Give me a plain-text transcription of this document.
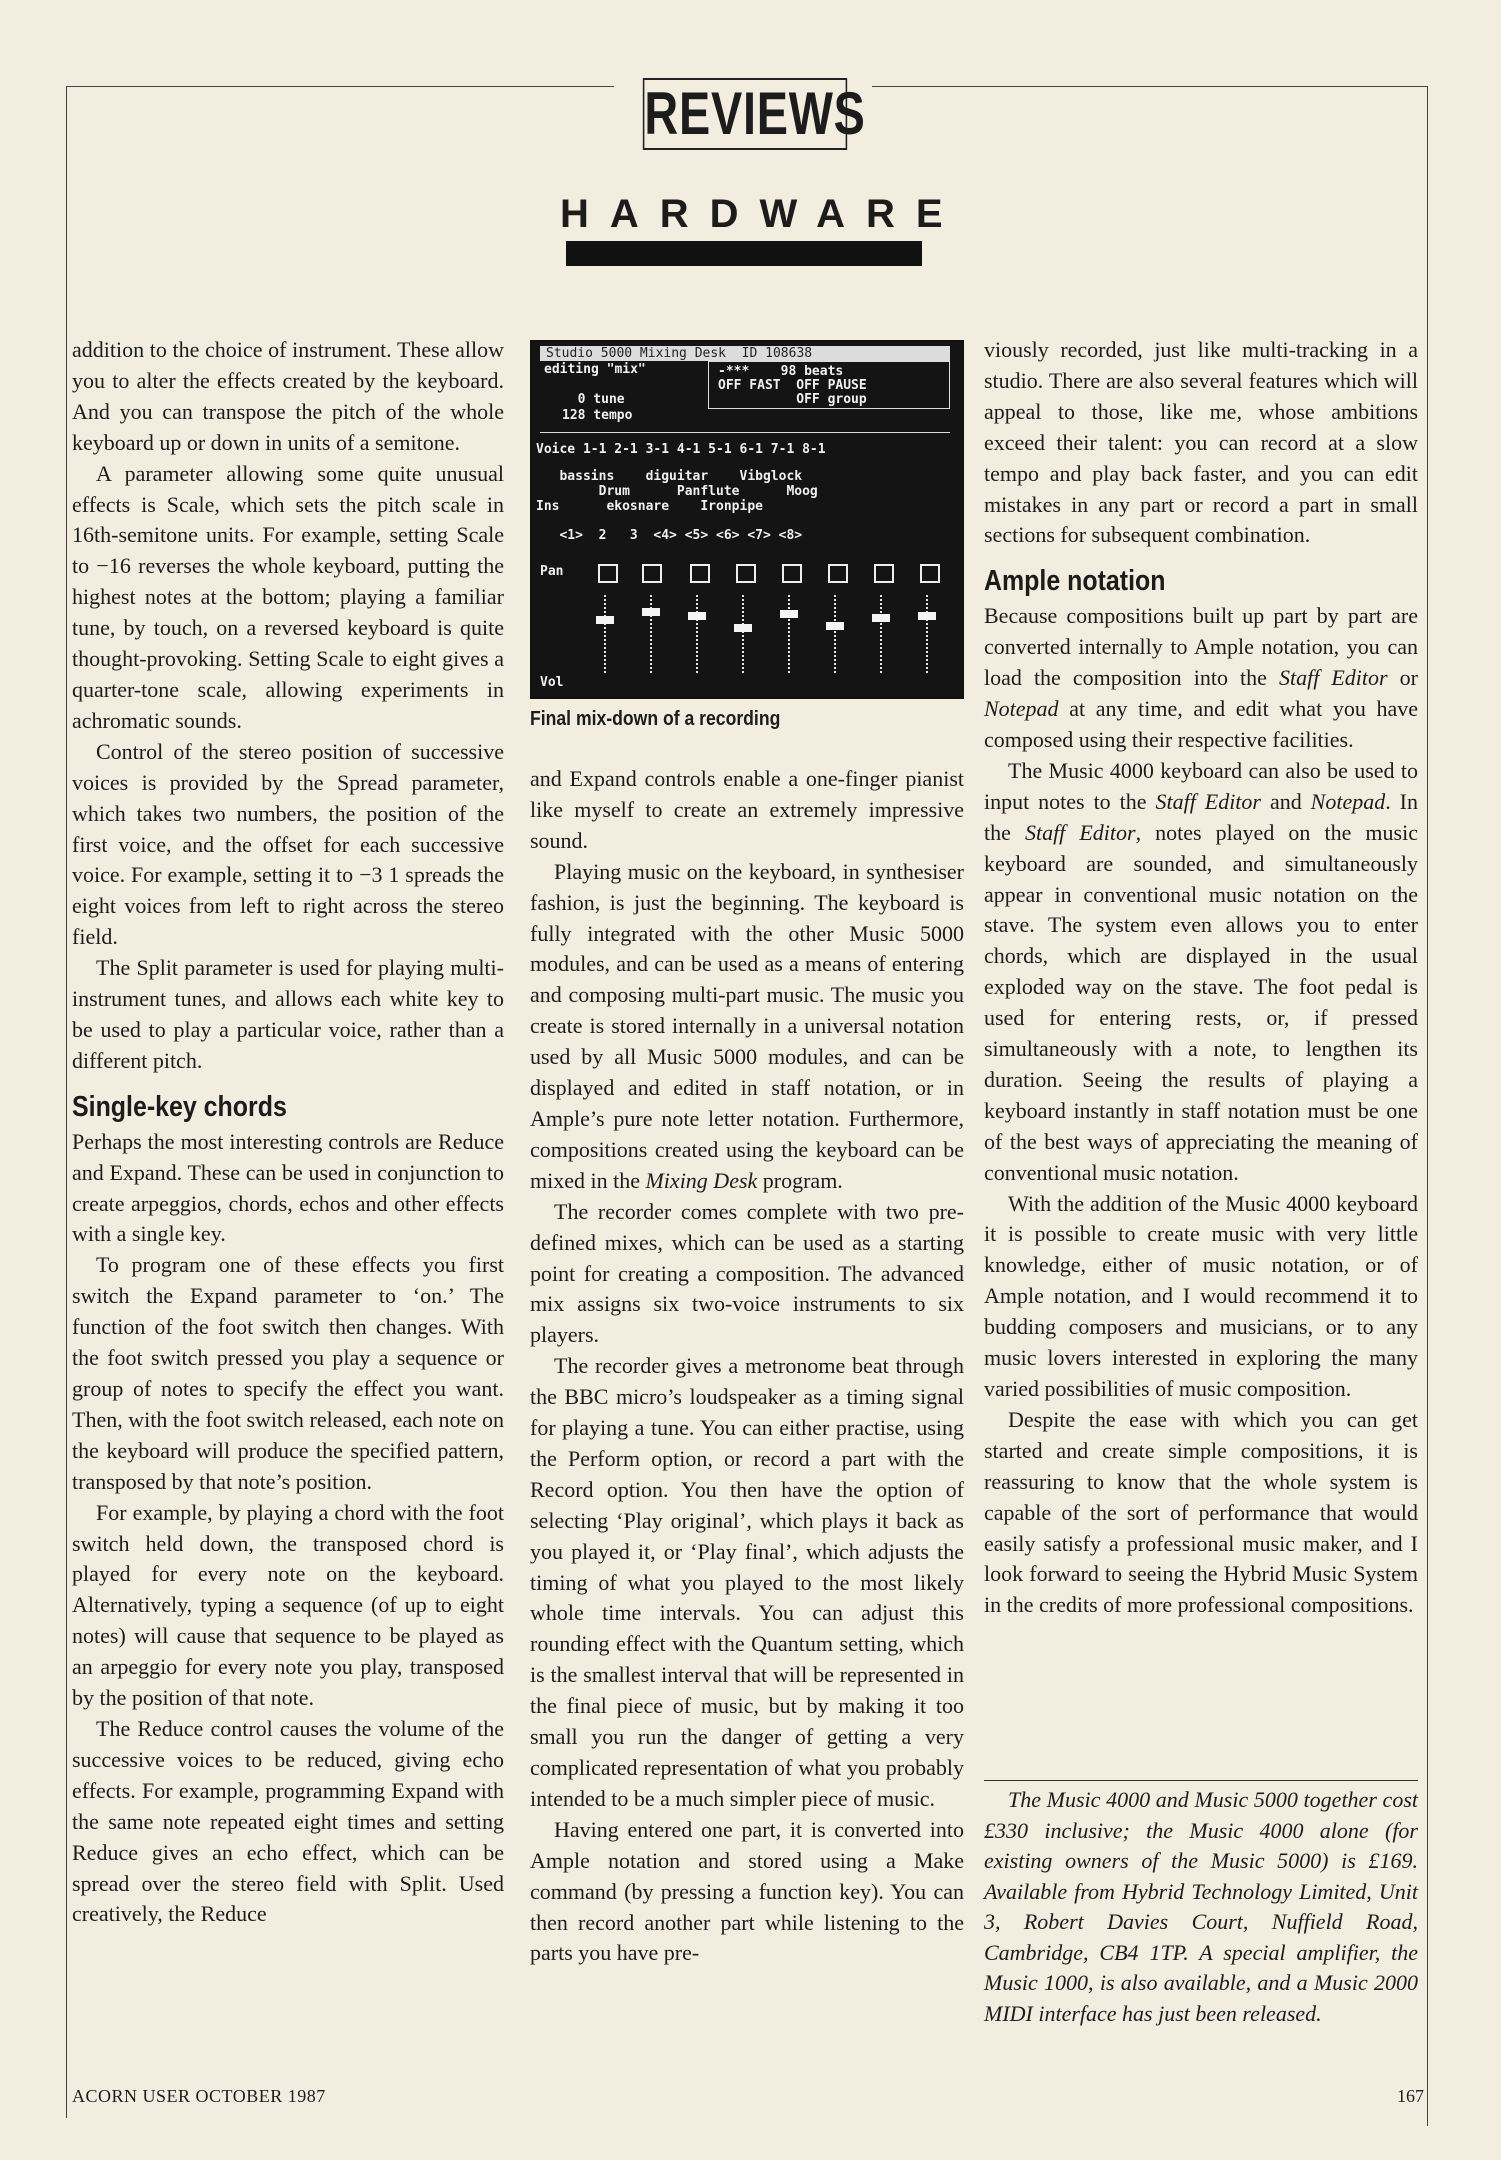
REVIEWS
HARDWARE

addition to the choice of instrument. These allow you to alter the effects created by the keyboard. And you can transpose the pitch of the whole keyboard up or down in units of a semitone.

A parameter allowing some quite unusual effects is Scale, which sets the pitch scale in 16th-semitone units. For example, setting Scale to −16 reverses the whole keyboard, putting the highest notes at the bottom; playing a familiar tune, by touch, on a reversed keyboard is quite thought-provoking. Setting Scale to eight gives a quarter-tone scale, allowing experiments in achromatic sounds.

Control of the stereo position of successive voices is provided by the Spread parameter, which takes two numbers, the position of the first voice, and the offset for each successive voice. For example, setting it to −3 1 spreads the eight voices from left to right across the stereo field.

The Split parameter is used for playing multi-instrument tunes, and allows each white key to be used to play a particular voice, rather than a different pitch.

Single-key chords

Perhaps the most interesting controls are Reduce and Expand. These can be used in conjunction to create arpeggios, chords, echos and other effects with a single key.

To program one of these effects you first switch the Expand parameter to ‘on.’ The function of the foot switch then changes. With the foot switch pressed you play a sequence or group of notes to specify the effect you want. Then, with the foot switch released, each note on the keyboard will produce the specified pattern, transposed by that note’s position.

For example, by playing a chord with the foot switch held down, the transposed chord is played for every note on the keyboard. Alternatively, typing a sequence (of up to eight notes) will cause that sequence to be played as an arpeggio for every note you play, transposed by the position of that note.

The Reduce control causes the volume of the successive voices to be reduced, giving echo effects. For example, programming Expand with the same note repeated eight times and setting Reduce gives an echo effect, which can be spread over the stereo field with Split. Used creatively, the Reduce

Studio 5000 Mixing Desk  ID 108638
editing "mix"
0 tune
128 tempo
-***    98 beats
OFF FAST  OFF PAUSE
OFF group
Voice 1-1 2-1 3-1 4-1 5-1 6-1 7-1 8-1
bassins    diguitar    Vibglock
Drum      Panflute      Moog
Ins      ekosnare    Ironpipe
<1>  2   3  <4> <5> <6> <7> <8>
Pan
Vol
Final mix-down of a recording

and Expand controls enable a one-finger pianist like myself to create an extremely impressive sound.

Playing music on the keyboard, in synthesiser fashion, is just the beginning. The keyboard is fully integrated with the other Music 5000 modules, and can be used as a means of entering and composing multi-part music. The music you create is stored internally in a universal notation used by all Music 5000 modules, and can be displayed and edited in staff notation, or in Ample’s pure note letter notation. Furthermore, compositions created using the keyboard can be mixed in the Mixing Desk program.

The recorder comes complete with two pre-defined mixes, which can be used as a starting point for creating a composition. The advanced mix assigns six two-voice instruments to six players.

The recorder gives a metronome beat through the BBC micro’s loudspeaker as a timing signal for playing a tune. You can either practise, using the Perform option, or record a part with the Record option. You then have the option of selecting ‘Play original’, which plays it back as you played it, or ‘Play final’, which adjusts the timing of what you played to the most likely whole time intervals. You can adjust this rounding effect with the Quantum setting, which is the smallest interval that will be represented in the final piece of music, but by making it too small you run the danger of getting a very complicated representation of what you probably intended to be a much simpler piece of music.

Having entered one part, it is converted into Ample notation and stored using a Make command (by pressing a function key). You can then record another part while listening to the parts you have pre-

viously recorded, just like multi-tracking in a studio. There are also several features which will appeal to those, like me, whose ambitions exceed their talent: you can record at a slow tempo and play back faster, and you can edit mistakes in any part or record a part in small sections for subsequent combination.

Ample notation

Because compositions built up part by part are converted internally to Ample notation, you can load the composition into the Staff Editor or Notepad at any time, and edit what you have composed using their respective facilities.

The Music 4000 keyboard can also be used to input notes to the Staff Editor and Notepad. In the Staff Editor, notes played on the music keyboard are sounded, and simultaneously appear in conventional music notation on the stave. The system even allows you to enter chords, which are displayed in the usual exploded way on the stave. The foot pedal is used for entering rests, or, if pressed simultaneously with a note, to lengthen its duration. Seeing the results of playing a keyboard instantly in staff notation must be one of the best ways of appreciating the meaning of conventional music notation.

With the addition of the Music 4000 keyboard it is possible to create music with very little knowledge, either of music notation, or of Ample notation, and I would recommend it to budding composers and musicians, or to any music lovers interested in exploring the many varied possibilities of music composition.

Despite the ease with which you can get started and create simple compositions, it is reassuring to know that the whole system is capable of the sort of performance that would easily satisfy a professional music maker, and I look forward to seeing the Hybrid Music System in the credits of more professional compositions.

The Music 4000 and Music 5000 together cost £330 inclusive; the Music 4000 alone (for existing owners of the Music 5000) is £169. Available from Hybrid Technology Limited, Unit 3, Robert Davies Court, Nuffield Road, Cambridge, CB4 1TP. A special amplifier, the Music 1000, is also available, and a Music 2000 MIDI interface has just been released.
ACORN USER OCTOBER 1987	167
